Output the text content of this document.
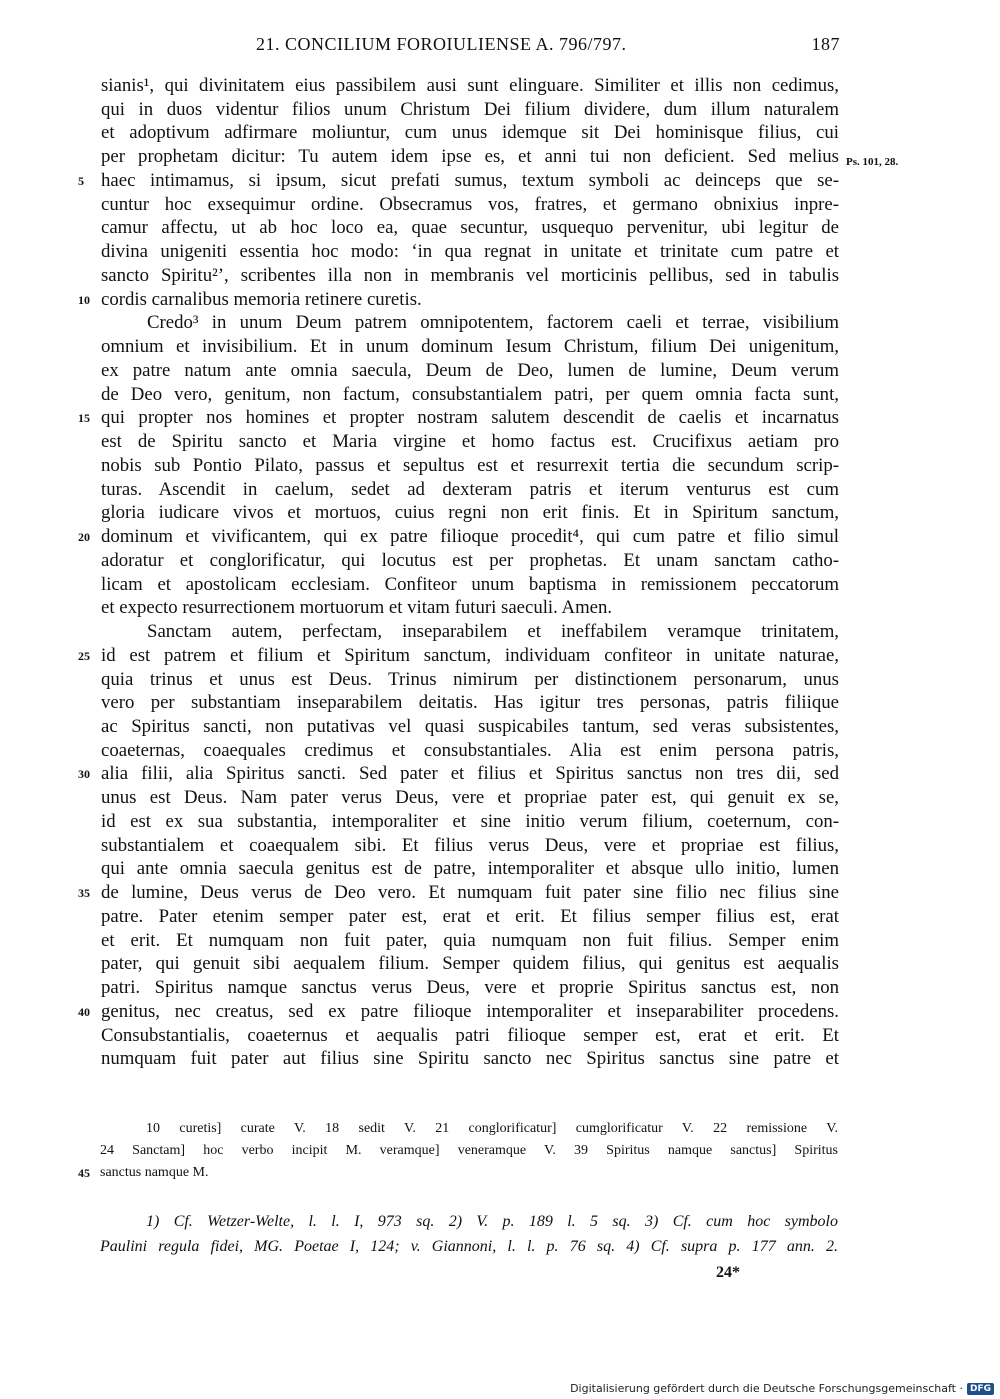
21. CONCILIUM FOROIULIENSE A. 796/797.	187
sianis¹, qui divinitatem eius passibilem ausi sunt elinguare. Similiter et illis non cedimus,
qui in duos videntur filios unum Christum Dei filium dividere, dum illum naturalem
et adoptivum adfirmare moliuntur, cum unus idemque sit Dei hominisque filius, cui
per prophetam dicitur: Tu autem idem ipse es, et anni tui non deficient. Sed melius
haec intimamus, si ipsum, sicut prefati sumus, textum symboli ac deinceps que se-
5
cuntur hoc exsequimur ordine. Obsecramus vos, fratres, et germano obnixius inpre-
camur affectu, ut ab hoc loco ea, quae secuntur, usquequo pervenitur, ubi legitur de
divina unigeniti essentia hoc modo: ‘in qua regnat in unitate et trinitate cum patre et
sancto Spiritu²’, scribentes illa non in membranis vel morticinis pellibus, sed in tabulis
cordis carnalibus memoria retinere curetis.
10
Credo³ in unum Deum patrem omnipotentem, factorem caeli et terrae, visibilium
omnium et invisibilium. Et in unum dominum Iesum Christum, filium Dei unigenitum,
ex patre natum ante omnia saecula, Deum de Deo, lumen de lumine, Deum verum
de Deo vero, genitum, non factum, consubstantialem patri, per quem omnia facta sunt,
qui propter nos homines et propter nostram salutem descendit de caelis et incarnatus
15
est de Spiritu sancto et Maria virgine et homo factus est. Crucifixus aetiam pro
nobis sub Pontio Pilato, passus et sepultus est et resurrexit tertia die secundum scrip-
turas. Ascendit in caelum, sedet ad dexteram patris et iterum venturus est cum
gloria iudicare vivos et mortuos, cuius regni non erit finis. Et in Spiritum sanctum,
dominum et vivificantem, qui ex patre filioque procedit⁴, qui cum patre et filio simul
20
adoratur et conglorificatur, qui locutus est per prophetas. Et unam sanctam catho-
licam et apostolicam ecclesiam. Confiteor unum baptisma in remissionem peccatorum
et expecto resurrectionem mortuorum et vitam futuri saeculi. Amen.
Sanctam autem, perfectam, inseparabilem et ineffabilem veramque trinitatem,
id est patrem et filium et Spiritum sanctum, individuam confiteor in unitate naturae,
25
quia trinus et unus est Deus. Trinus nimirum per distinctionem personarum, unus
vero per substantiam inseparabilem deitatis. Has igitur tres personas, patris filiique
ac Spiritus sancti, non putativas vel quasi suspicabiles tantum, sed veras subsistentes,
coaeternas, coaequales credimus et consubstantiales. Alia est enim persona patris,
alia filii, alia Spiritus sancti. Sed pater et filius et Spiritus sanctus non tres dii, sed
30
unus est Deus. Nam pater verus Deus, vere et propriae pater est, qui genuit ex se,
id est ex sua substantia, intemporaliter et sine initio verum filium, coeternum, con-
substantialem et coaequalem sibi. Et filius verus Deus, vere et propriae est filius,
qui ante omnia saecula genitus est de patre, intemporaliter et absque ullo initio, lumen
de lumine, Deus verus de Deo vero. Et numquam fuit pater sine filio nec filius sine
35
patre. Pater etenim semper pater est, erat et erit. Et filius semper filius est, erat
et erit. Et numquam non fuit pater, quia numquam non fuit filius. Semper enim
pater, qui genuit sibi aequalem filium. Semper quidem filius, qui genitus est aequalis
patri. Spiritus namque sanctus verus Deus, vere et proprie Spiritus sanctus est, non
genitus, nec creatus, sed ex patre filioque intemporaliter et inseparabiliter procedens.
40
Consubstantialis, coaeternus et aequalis patri filioque semper est, erat et erit. Et
numquam fuit pater aut filius sine Spiritu sancto nec Spiritus sanctus sine patre et
Ps. 101, 28.
10 curetis] curate V. 18 sedit V. 21 conglorificatur] cumglorificatur V. 22 remissione V.
24 Sanctam] hoc verbo incipit M. veramque] veneramque V. 39 Spiritus namque sanctus] Spiritus
sanctus namque M.
45
1) Cf. Wetzer-Welte, l. l. I, 973 sq. 2) V. p. 189 l. 5 sq. 3) Cf. cum hoc symbolo
Paulini regula fidei, MG. Poetae I, 124; v. Giannoni, l. l. p. 76 sq. 4) Cf. supra p. 177 ann. 2.
24*
Digitalisierung gefördert durch die Deutsche Forschungsgemeinschaft · DFG
